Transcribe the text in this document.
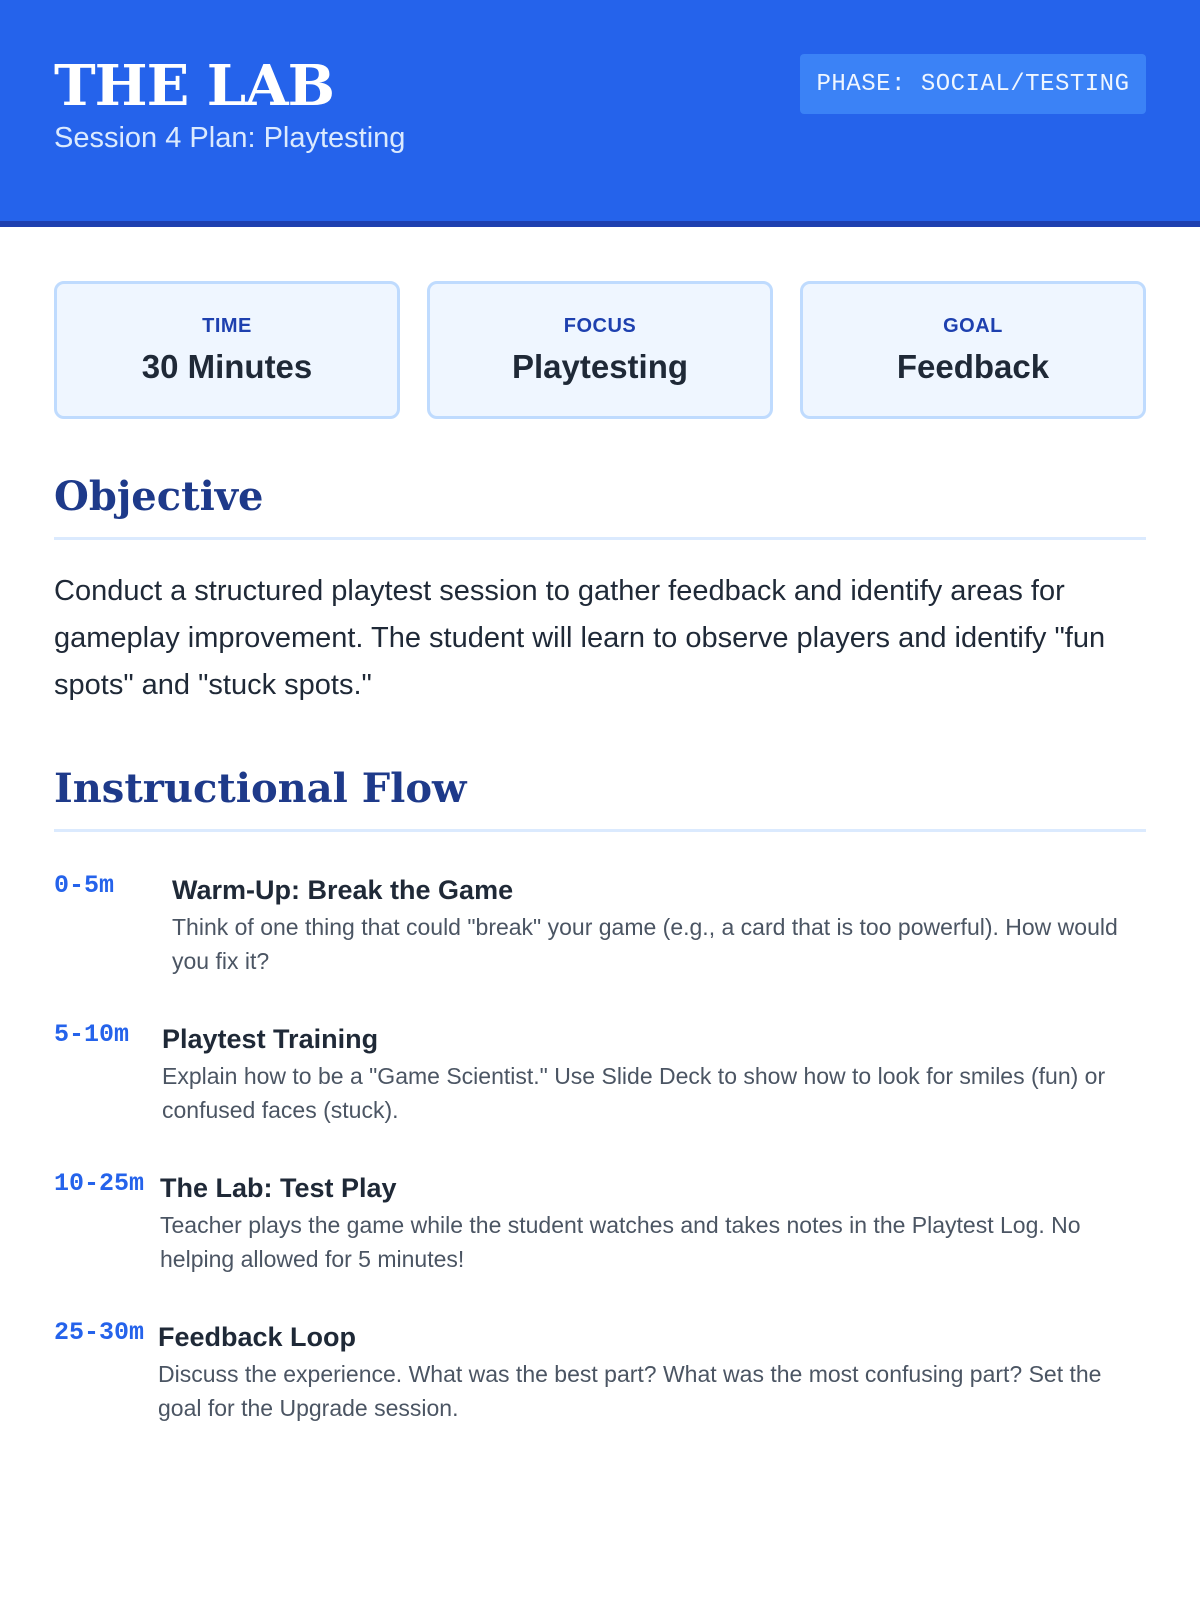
THE LAB
Session 4 Plan: Playtesting
PHASE: SOCIAL/TESTING
TIME
30 Minutes
FOCUS
Playtesting
GOAL
Feedback
Objective

Conduct a structured playtest session to gather feedback and identify areas for gameplay improvement. The student will learn to observe players and identify "fun spots" and "stuck spots."

Instructional Flow
0-5m	Warm-Up: Break the Game
Think of one thing that could "break" your game (e.g., a card that is too powerful). How would you fix it?
5-10m	Playtest Training
Explain how to be a "Game Scientist." Use Slide Deck to show how to look for smiles (fun) or confused faces (stuck).
10-25m The Lab: Test Play
Teacher plays the game while the student watches and takes notes in the Playtest Log. No helping allowed for 5 minutes!
25-30m Feedback Loop
Discuss the experience. What was the best part? What was the most confusing part? Set the goal for the Upgrade session.
